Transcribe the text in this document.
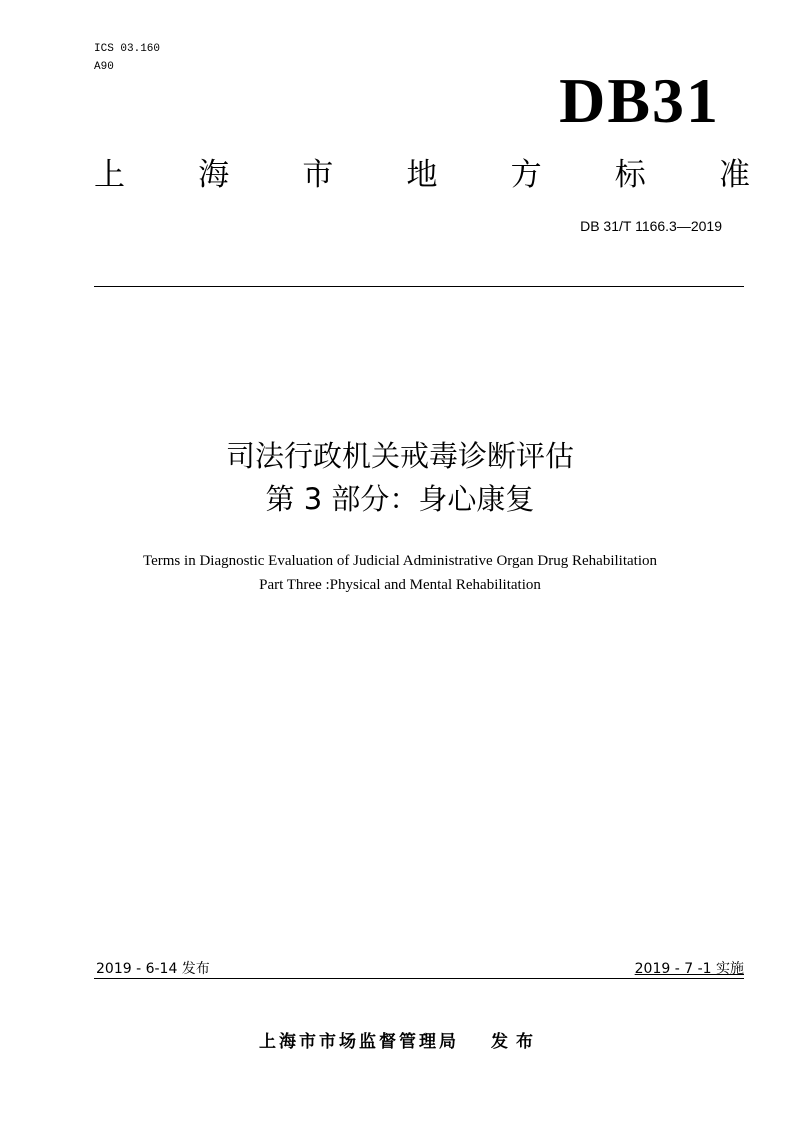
ICS 03.160
A90	DB31
上 海 市 地 方 标 准
DB 31/T 1166.3—2019
司法行政机关戒毒诊断评估
第 3 部分：身心康复
Terms in Diagnostic Evaluation of Judicial Administrative Organ Drug Rehabilitation
Part Three :Physical and Mental Rehabilitation
2019 - 6-14 发布	2019 - 7 -1 实施
上海市市场监督管理局 发布
